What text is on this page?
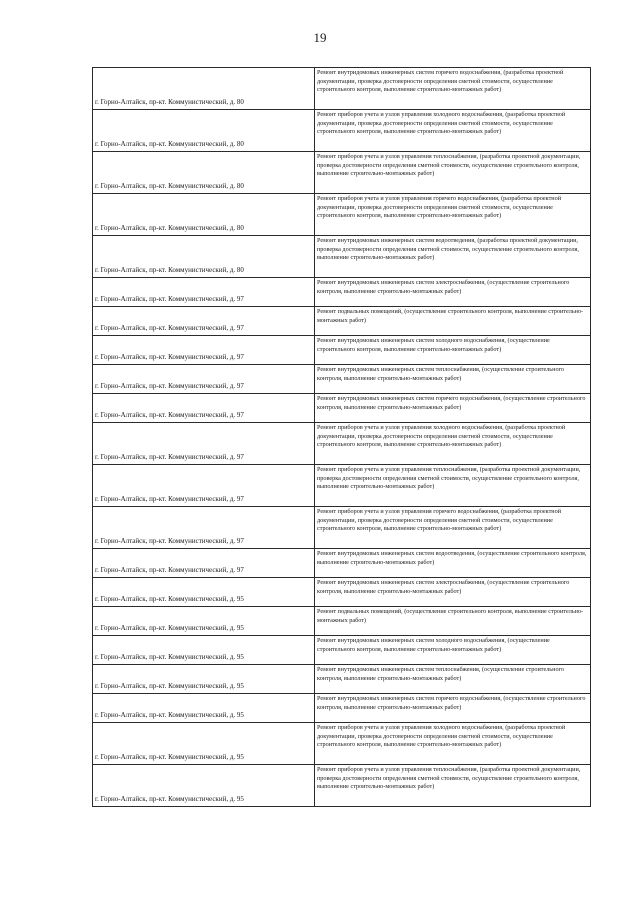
19
г. Горно-Алтайск, пр-кт. Коммунистический, д. 80	Ремонт внутридомовых инженерных систем горячего водоснабжения, (разработка проектной документации, проверка достоверности определения сметной стоимости, осуществление строительного контроля, выполнение строительно-монтажных работ)

г. Горно-Алтайск, пр-кт. Коммунистический, д. 80	Ремонт приборов учета и узлов управления холодного водоснабжения, (разработка проектной документации, проверка достоверности определения сметной стоимости, осуществление строительного контроля, выполнение строительно-монтажных работ)

г. Горно-Алтайск, пр-кт. Коммунистический, д. 80	Ремонт приборов учета и узлов управления теплоснабжения, (разработка проектной документации, проверка достоверности определения сметной стоимости, осуществление строительного контроля, выполнение строительно-монтажных работ)

г. Горно-Алтайск, пр-кт. Коммунистический, д. 80	Ремонт приборов учета и узлов управления горячего водоснабжения, (разработка проектной документации, проверка достоверности определения сметной стоимости, осуществление строительного контроля, выполнение строительно-монтажных работ)

г. Горно-Алтайск, пр-кт. Коммунистический, д. 80	Ремонт внутридомовых инженерных систем водоотведения, (разработка проектной документации, проверка достоверности определения сметной стоимости, осуществление строительного контроля, выполнение строительно-монтажных работ)

г. Горно-Алтайск, пр-кт. Коммунистический, д. 97	Ремонт внутридомовых инженерных систем электроснабжения, (осуществление строительного контроля, выполнение строительно-монтажных работ)

г. Горно-Алтайск, пр-кт. Коммунистический, д. 97	Ремонт подвальных помещений, (осуществление строительного контроля, выполнение строительно-монтажных работ)

г. Горно-Алтайск, пр-кт. Коммунистический, д. 97	Ремонт внутридомовых инженерных систем холодного водоснабжения, (осуществление строительного контроля, выполнение строительно-монтажных работ)

г. Горно-Алтайск, пр-кт. Коммунистический, д. 97	Ремонт внутридомовых инженерных систем теплоснабжения, (осуществление строительного контроля, выполнение строительно-монтажных работ)

г. Горно-Алтайск, пр-кт. Коммунистический, д. 97	Ремонт внутридомовых инженерных систем горячего водоснабжения, (осуществление строительного контроля, выполнение строительно-монтажных работ)

г. Горно-Алтайск, пр-кт. Коммунистический, д. 97	Ремонт приборов учета и узлов управления холодного водоснабжения, (разработка проектной документации, проверка достоверности определения сметной стоимости, осуществление строительного контроля, выполнение строительно-монтажных работ)

г. Горно-Алтайск, пр-кт. Коммунистический, д. 97	Ремонт приборов учета и узлов управления теплоснабжения, (разработка проектной документации, проверка достоверности определения сметной стоимости, осуществление строительного контроля, выполнение строительно-монтажных работ)

г. Горно-Алтайск, пр-кт. Коммунистический, д. 97	Ремонт приборов учета и узлов управления горячего водоснабжения, (разработка проектной документации, проверка достоверности определения сметной стоимости, осуществление строительного контроля, выполнение строительно-монтажных работ)

г. Горно-Алтайск, пр-кт. Коммунистический, д. 97	Ремонт внутридомовых инженерных систем водоотведения, (осуществление строительного контроля, выполнение строительно-монтажных работ)

г. Горно-Алтайск, пр-кт. Коммунистический, д. 95	Ремонт внутридомовых инженерных систем электроснабжения, (осуществление строительного контроля, выполнение строительно-монтажных работ)

г. Горно-Алтайск, пр-кт. Коммунистический, д. 95	Ремонт подвальных помещений, (осуществление строительного контроля, выполнение строительно-монтажных работ)

г. Горно-Алтайск, пр-кт. Коммунистический, д. 95	Ремонт внутридомовых инженерных систем холодного водоснабжения, (осуществление строительного контроля, выполнение строительно-монтажных работ)

г. Горно-Алтайск, пр-кт. Коммунистический, д. 95	Ремонт внутридомовых инженерных систем теплоснабжения, (осуществление строительного контроля, выполнение строительно-монтажных работ)

г. Горно-Алтайск, пр-кт. Коммунистический, д. 95	Ремонт внутридомовых инженерных систем горячего водоснабжения, (осуществление строительного контроля, выполнение строительно-монтажных работ)

г. Горно-Алтайск, пр-кт. Коммунистический, д. 95	Ремонт приборов учета и узлов управления холодного водоснабжения, (разработка проектной документации, проверка достоверности определения сметной стоимости, осуществление строительного контроля, выполнение строительно-монтажных работ)

г. Горно-Алтайск, пр-кт. Коммунистический, д. 95	Ремонт приборов учета и узлов управления теплоснабжения, (разработка проектной документации, проверка достоверности определения сметной стоимости, осуществление строительного контроля, выполнение строительно-монтажных работ)
